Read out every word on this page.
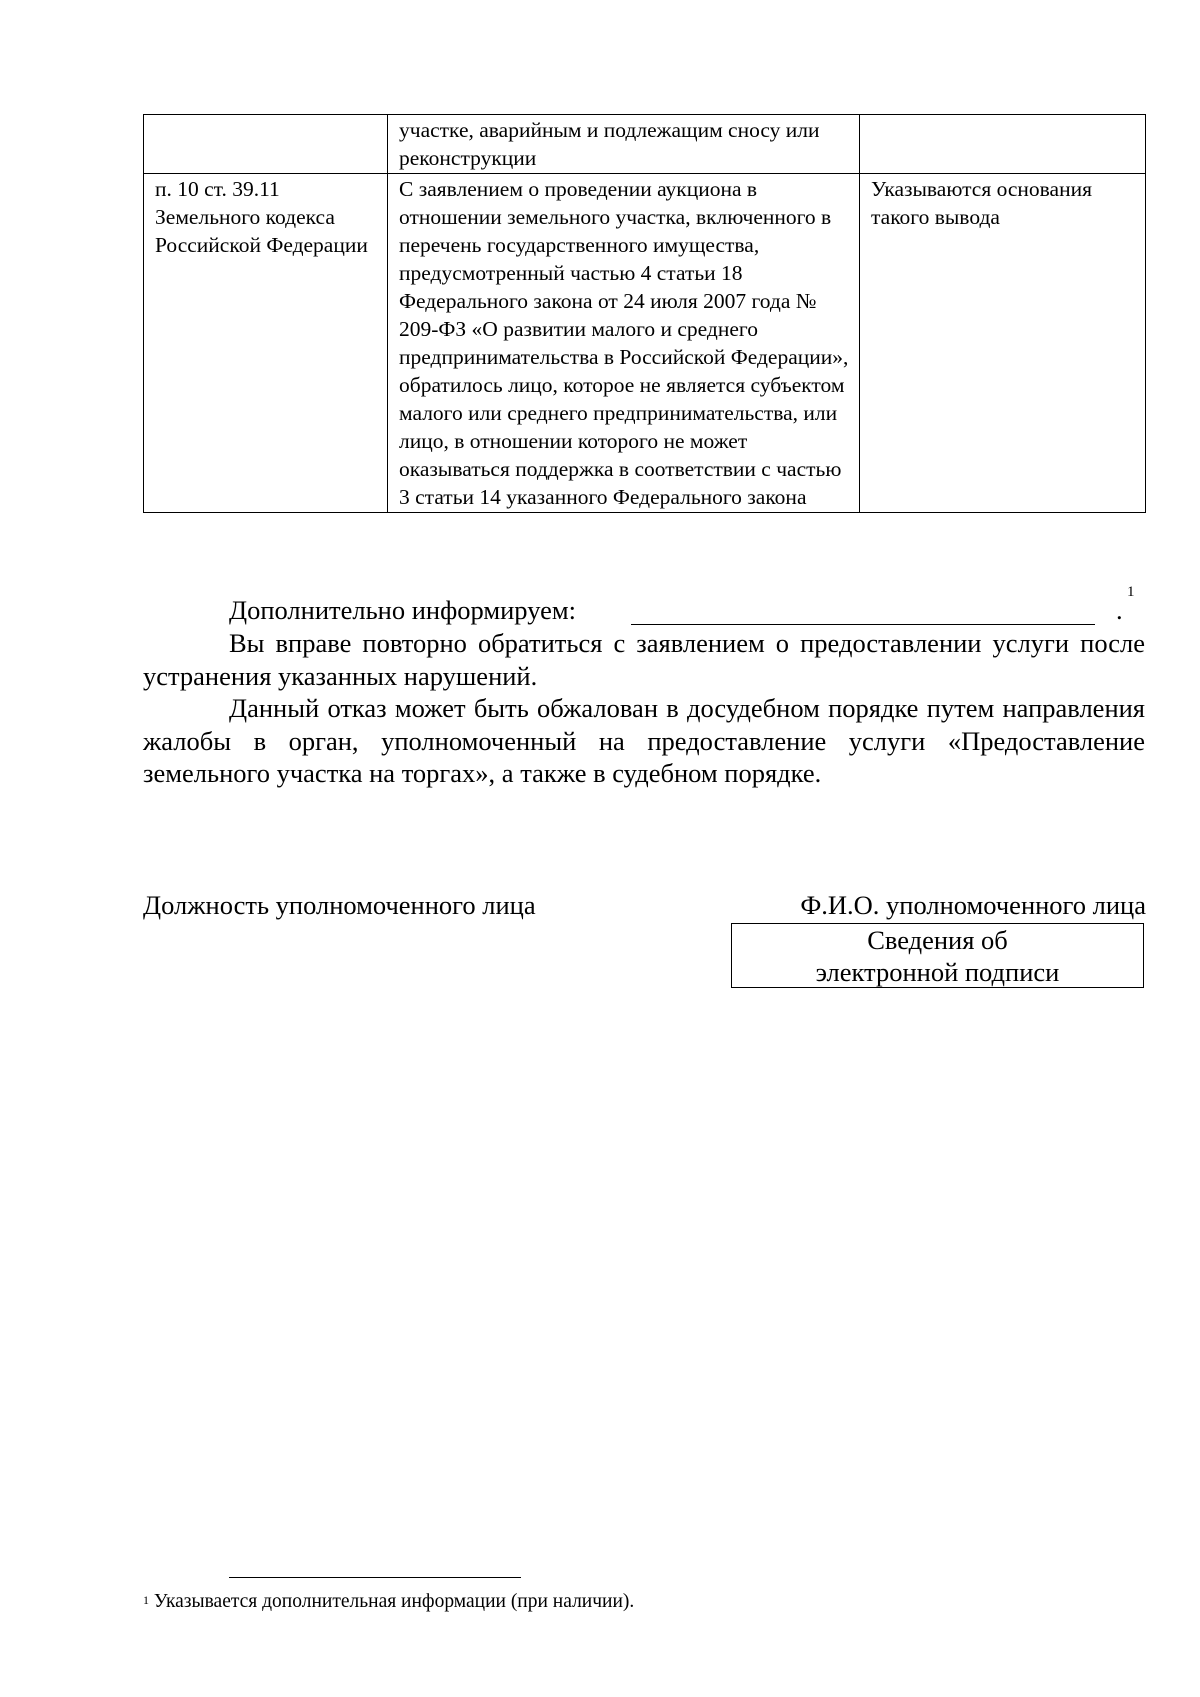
	участке, аварийным и подлежащим сносу или реконструкции	
п. 10 ст. 39.11 Земельного кодекса Российской Федерации	С заявлением о проведении аукциона в отношении земельного участка, включенного в перечень государственного имущества, предусмотренный частью 4 статьи 18 Федерального закона от 24 июля 2007 года № 209-ФЗ «О развитии малого и среднего предпринимательства в Российской Федерации», обратилось лицо, которое не является субъектом малого или среднего предпринимательства, или лицо, в отношении которого не может оказываться поддержка в соответствии с частью 3 статьи 14 указанного Федерального закона	Указываются основания такого вывода
Дополнительно информируем:	.
1
Вы вправе повторно обратиться с заявлением о предоставлении услуги после устранения указанных нарушений.
Данный отказ может быть обжалован в досудебном порядке путем направления жалобы в орган, уполномоченный на предоставление услуги «Предоставление земельного участка на торгах», а также в судебном порядке.
Должность уполномоченного лица	Ф.И.О. уполномоченного лица
Сведения об
электронной подписи
$^1$ Указывается дополнительная информации (при наличии).
